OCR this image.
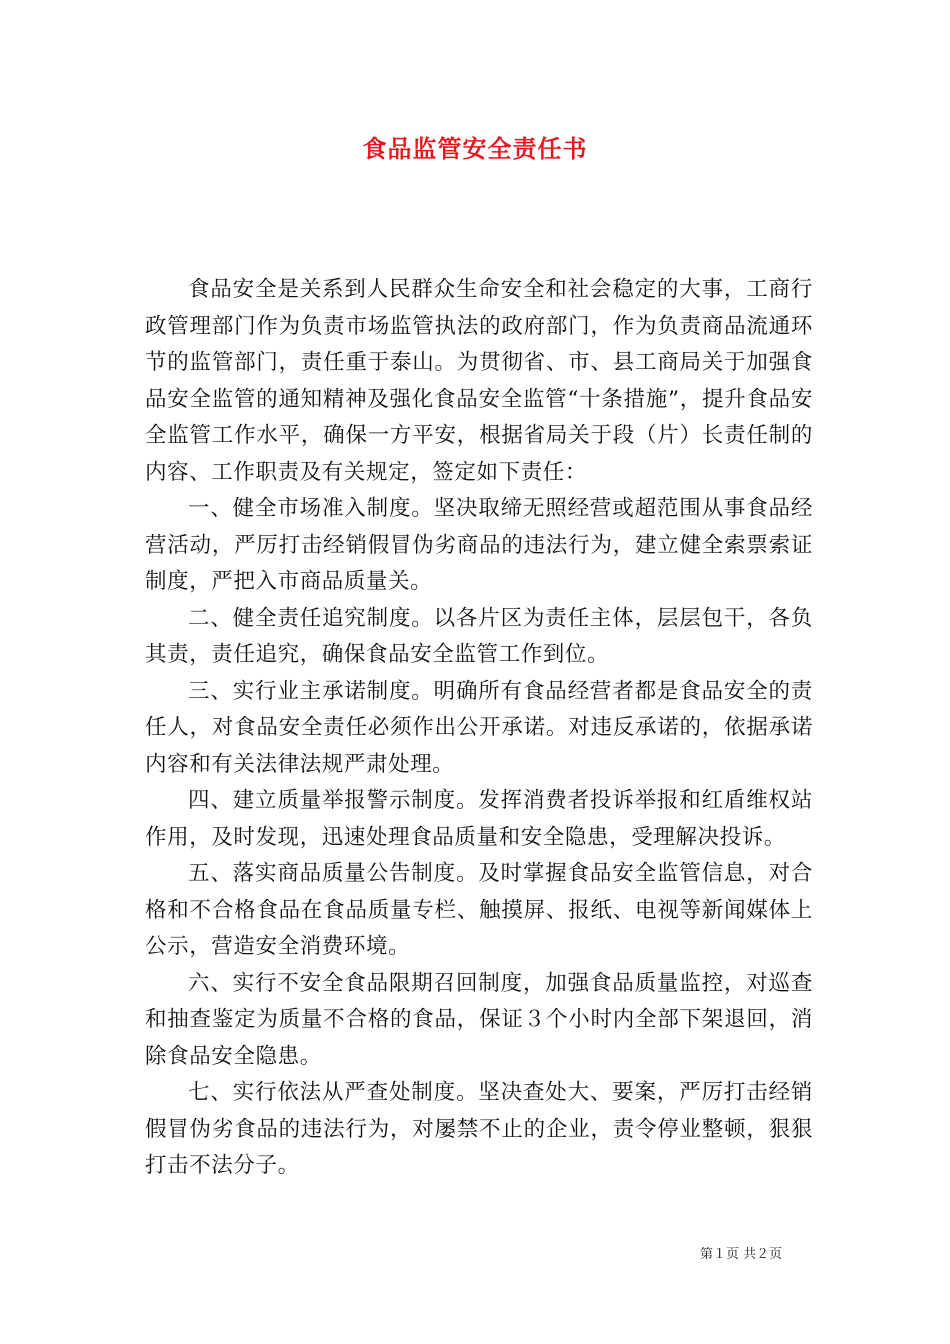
食品监管安全责任书

食品安全是关系到人民群众生命安全和社会稳定的大事，工商行政管理部门作为负责市场监管执法的政府部门，作为负责商品流通环节的监管部门，责任重于泰山。为贯彻省、市、县工商局关于加强食品安全监管的通知精神及强化食品安全监管“十条措施”，提升食品安全监管工作水平，确保一方平安，根据省局关于段（片）长责任制的内容、工作职责及有关规定，签定如下责任：

一、健全市场准入制度。坚决取缔无照经营或超范围从事食品经营活动，严厉打击经销假冒伪劣商品的违法行为，建立健全索票索证制度，严把入市商品质量关。

二、健全责任追究制度。以各片区为责任主体，层层包干，各负其责，责任追究，确保食品安全监管工作到位。

三、实行业主承诺制度。明确所有食品经营者都是食品安全的责任人，对食品安全责任必须作出公开承诺。对违反承诺的，依据承诺内容和有关法律法规严肃处理。

四、建立质量举报警示制度。发挥消费者投诉举报和红盾维权站作用，及时发现，迅速处理食品质量和安全隐患，受理解决投诉。

五、落实商品质量公告制度。及时掌握食品安全监管信息，对合格和不合格食品在食品质量专栏、触摸屏、报纸、电视等新闻媒体上公示，营造安全消费环境。

六、实行不安全食品限期召回制度，加强食品质量监控，对巡查和抽查鉴定为质量不合格的食品，保证３个小时内全部下架退回，消除食品安全隐患。

七、实行依法从严查处制度。坚决查处大、要案，严厉打击经销假冒伪劣食品的违法行为，对屡禁不止的企业，责令停业整顿，狠狠打击不法分子。

第１页 共２页
